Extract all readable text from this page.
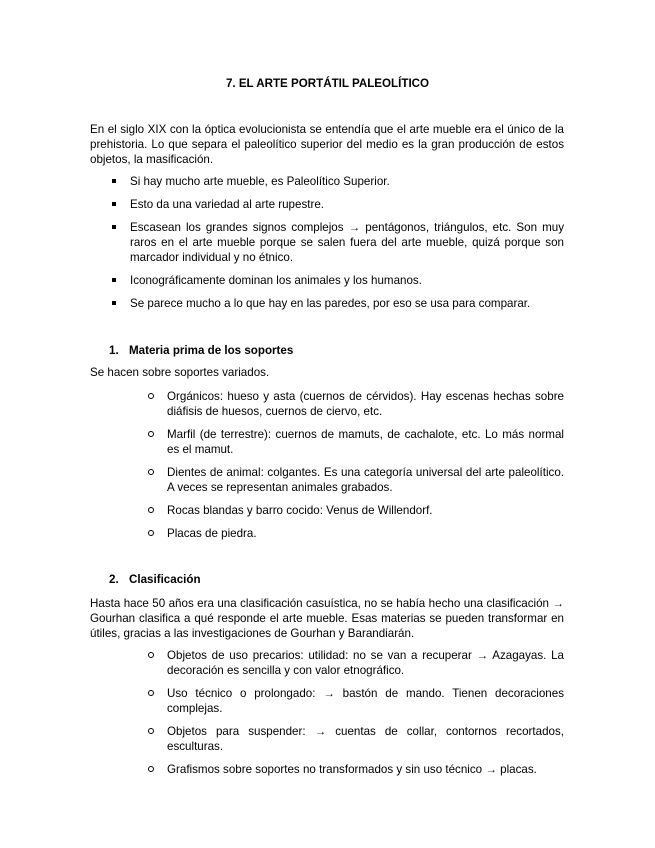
7. EL ARTE PORTÁTIL PALEOLÍTICO
En el siglo XIX con la óptica evolucionista se entendía que el arte mueble era el único de la prehistoria. Lo que separa el paleolítico superior del medio es la gran producción de estos objetos, la masificación.
Si hay mucho arte mueble, es Paleolítico Superior.
Esto da una variedad al arte rupestre.
Escasean los grandes signos complejos → pentágonos, triángulos, etc. Son muy raros en el arte mueble porque se salen fuera del arte mueble, quizá porque son marcador individual y no étnico.
Iconográficamente dominan los animales y los humanos.
Se parece mucho a lo que hay en las paredes, por eso se usa para comparar.
1. Materia prima de los soportes
Se hacen sobre soportes variados.
Orgánicos: hueso y asta (cuernos de cérvidos). Hay escenas hechas sobre diáfisis de huesos, cuernos de ciervo, etc.
Marfil (de terrestre): cuernos de mamuts, de cachalote, etc. Lo más normal es el mamut.
Dientes de animal: colgantes. Es una categoría universal del arte paleolítico. A veces se representan animales grabados.
Rocas blandas y barro cocido: Venus de Willendorf.
Placas de piedra.
2. Clasificación
Hasta hace 50 años era una clasificación casuística, no se había hecho una clasificación → Gourhan clasifica a qué responde el arte mueble. Esas materias se pueden transformar en útiles, gracias a las investigaciones de Gourhan y Barandiarán.
Objetos de uso precarios: utilidad: no se van a recuperar → Azagayas. La decoración es sencilla y con valor etnográfico.
Uso técnico o prolongado: → bastón de mando. Tienen decoraciones complejas.
Objetos para suspender: → cuentas de collar, contornos recortados, esculturas.
Grafismos sobre soportes no transformados y sin uso técnico → placas.
